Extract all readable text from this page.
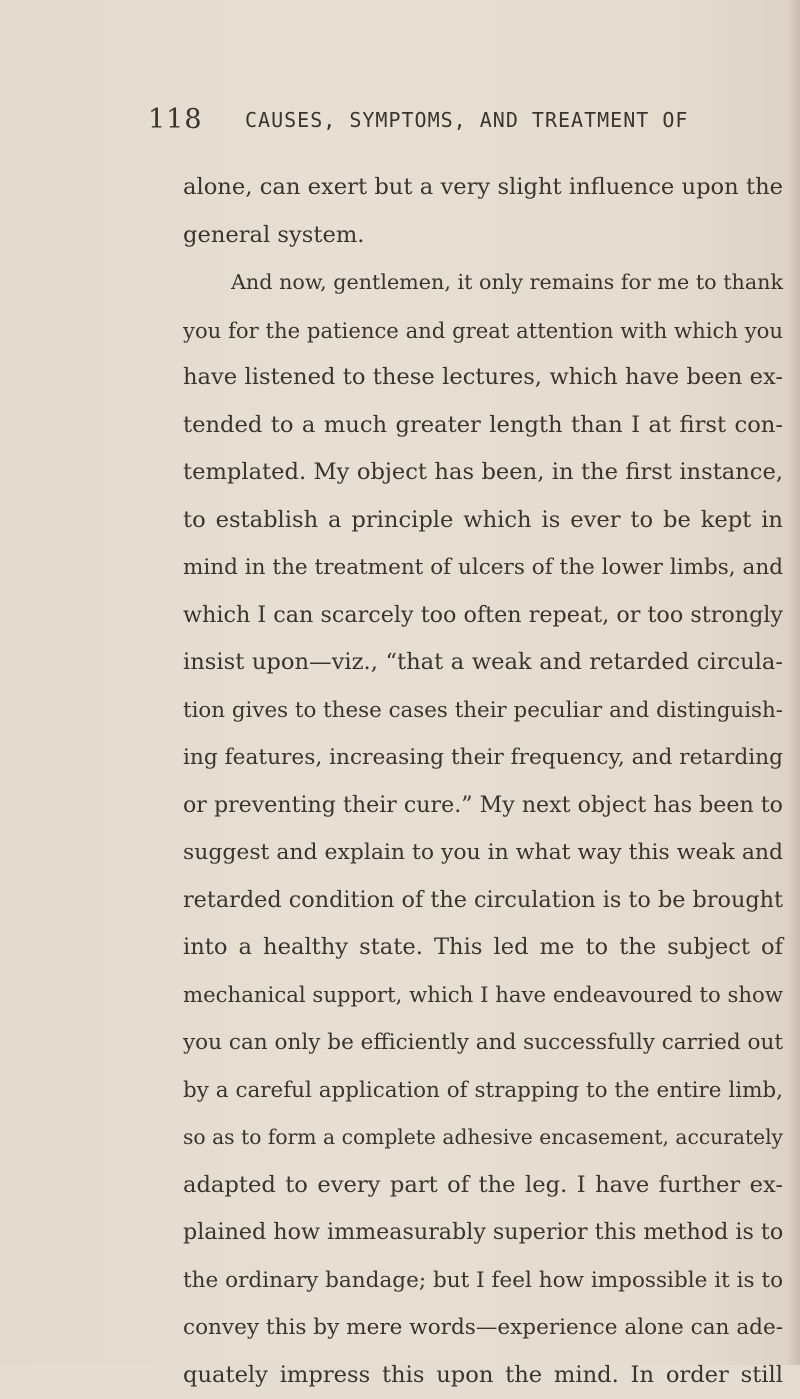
118 CAUSES, SYMPTOMS, AND TREATMENT OF
alone, can exert but a very slight influence upon the
general system.
And now, gentlemen, it only remains for me to thank
you for the patience and great attention with which you
have listened to these lectures, which have been ex-
tended to a much greater length than I at first con-
templated. My object has been, in the first instance,
to establish a principle which is ever to be kept in
mind in the treatment of ulcers of the lower limbs, and
which I can scarcely too often repeat, or too strongly
insist upon—viz., “that a weak and retarded circula-
tion gives to these cases their peculiar and distinguish-
ing features, increasing their frequency, and retarding
or preventing their cure.” My next object has been to
suggest and explain to you in what way this weak and
retarded condition of the circulation is to be brought
into a healthy state. This led me to the subject of
mechanical support, which I have endeavoured to show
you can only be efficiently and successfully carried out
by a careful application of strapping to the entire limb,
so as to form a complete adhesive encasement, accurately
adapted to every part of the leg. I have further ex-
plained how immeasurably superior this method is to
the ordinary bandage; but I feel how impossible it is to
convey this by mere words—experience alone can ade-
quately impress this upon the mind. In order still
